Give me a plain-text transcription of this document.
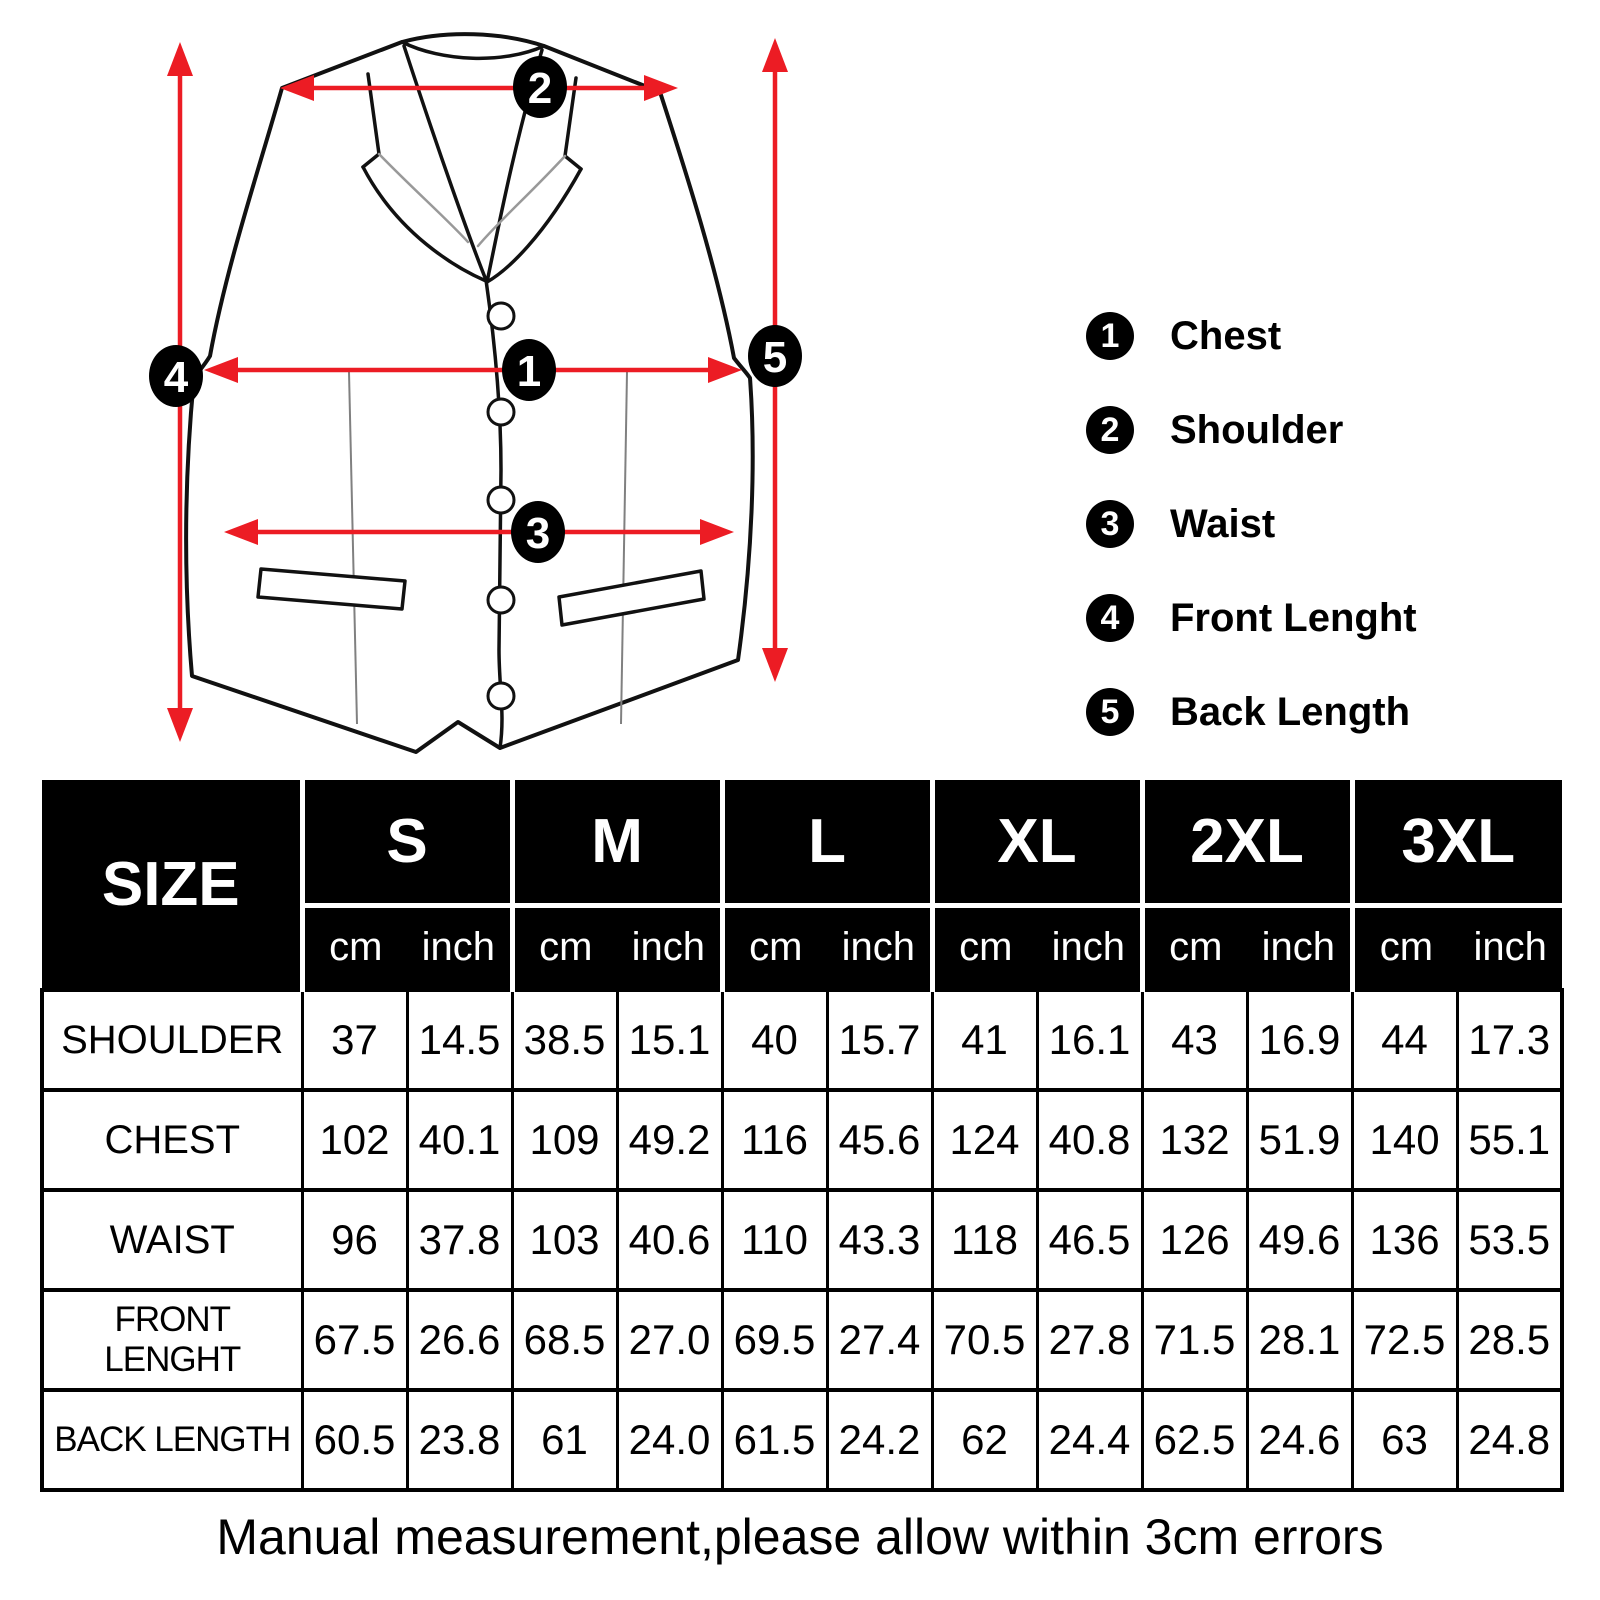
1
2
3
4	5	1	Chest
2	Shoulder
3	Waist
4	Front Lenght
5	Back Length
SIZE	S		M		L		XL		2XL		3XL	

	cm inch		cm inch		cm inch		cm inch		cm inch		cm inch	

SHOULDER	37	14.5	38.5	15.1	40	15.7	41	16.1	43	16.9	44	17.3
CHEST	102	40.1	109	49.2	116	45.6	124	40.8	132	51.9	140	55.1
WAIST	96	37.8	103	40.6	110	43.3	118	46.5	126	49.6	136	53.5
FRONT LENGHT	67.5	26.6	68.5	27.0	69.5	27.4	70.5	27.8	71.5	28.1	72.5	28.5
BACK LENGTH	60.5	23.8	61	24.0	61.5	24.2	62	24.4	62.5	24.6	63	24.8
Manual measurement,please allow within 3cm errors
